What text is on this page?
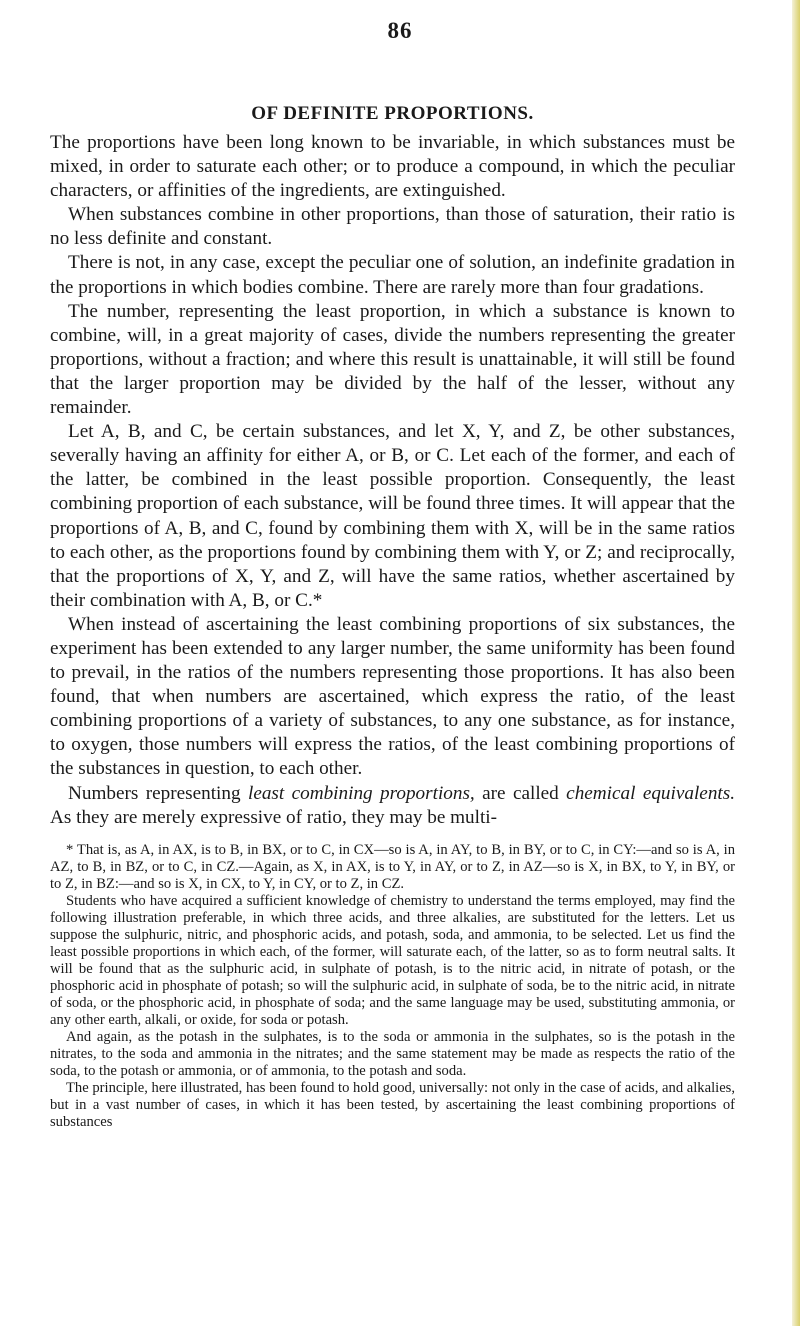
86
OF DEFINITE PROPORTIONS.

The proportions have been long known to be invariable, in which substances must be mixed, in order to saturate each other; or to produce a compound, in which the peculiar characters, or affinities of the ingredients, are extinguished.

When substances combine in other proportions, than those of saturation, their ratio is no less definite and constant.

There is not, in any case, except the peculiar one of solution, an indefinite gradation in the proportions in which bodies combine. There are rarely more than four gradations.

The number, representing the least proportion, in which a substance is known to combine, will, in a great majority of cases, divide the numbers representing the greater proportions, without a fraction; and where this result is unattainable, it will still be found that the larger proportion may be divided by the half of the lesser, without any remainder.

Let A, B, and C, be certain substances, and let X, Y, and Z, be other substances, severally having an affinity for either A, or B, or C. Let each of the former, and each of the latter, be combined in the least possible proportion. Consequently, the least combining proportion of each substance, will be found three times. It will appear that the proportions of A, B, and C, found by combining them with X, will be in the same ratios to each other, as the proportions found by combining them with Y, or Z; and reciprocally, that the proportions of X, Y, and Z, will have the same ratios, whether ascertained by their combination with A, B, or C.*

When instead of ascertaining the least combining proportions of six substances, the experiment has been extended to any larger number, the same uniformity has been found to prevail, in the ratios of the numbers representing those proportions. It has also been found, that when numbers are ascertained, which express the ratio, of the least combining proportions of a variety of substances, to any one substance, as for instance, to oxygen, those numbers will express the ratios, of the least combining proportions of the substances in question, to each other.

Numbers representing least combining proportions, are called chemical equivalents. As they are merely expressive of ratio, they may be multi-

* That is, as A, in AX, is to B, in BX, or to C, in CX—so is A, in AY, to B, in BY, or to C, in CY:—and so is A, in AZ, to B, in BZ, or to C, in CZ.—Again, as X, in AX, is to Y, in AY, or to Z, in AZ—so is X, in BX, to Y, in BY, or to Z, in BZ:—and so is X, in CX, to Y, in CY, or to Z, in CZ.

Students who have acquired a sufficient knowledge of chemistry to understand the terms employed, may find the following illustration preferable, in which three acids, and three alkalies, are substituted for the letters. Let us suppose the sulphuric, nitric, and phosphoric acids, and potash, soda, and ammonia, to be selected. Let us find the least possible proportions in which each, of the former, will saturate each, of the latter, so as to form neutral salts. It will be found that as the sulphuric acid, in sulphate of potash, is to the nitric acid, in nitrate of potash, or the phosphoric acid in phosphate of potash; so will the sulphuric acid, in sulphate of soda, be to the nitric acid, in nitrate of soda, or the phosphoric acid, in phosphate of soda; and the same language may be used, substituting ammonia, or any other earth, alkali, or oxide, for soda or potash.

And again, as the potash in the sulphates, is to the soda or ammonia in the sulphates, so is the potash in the nitrates, to the soda and ammonia in the nitrates; and the same statement may be made as respects the ratio of the soda, to the potash or ammonia, or of ammonia, to the potash and soda.

The principle, here illustrated, has been found to hold good, universally: not only in the case of acids, and alkalies, but in a vast number of cases, in which it has been tested, by ascertaining the least combining proportions of substances
